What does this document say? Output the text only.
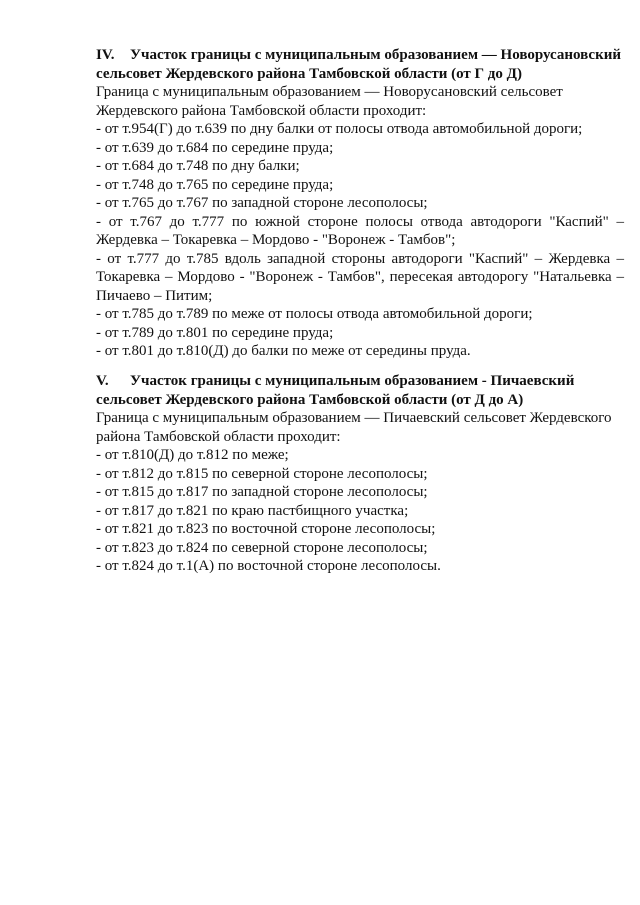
IV. Участок границы с муниципальным образованием — Новорусановский сельсовет Жердевского района Тамбовской области (от Г до Д)

Граница с муниципальным образованием — Новорусановский сельсовет Жердевского района Тамбовской области проходит:

- от т.954(Г) до т.639 по дну балки от полосы отвода автомобильной дороги;

- от т.639 до т.684 по середине пруда;

- от т.684 до т.748 по дну балки;

- от т.748 до т.765 по середине пруда;

- от т.765 до т.767 по западной стороне лесополосы;

- от т.767 до т.777 по южной стороне полосы отвода автодороги "Каспий" – Жердевка – Токаревка – Мордово - "Воронеж - Тамбов";

- от т.777 до т.785 вдоль западной стороны автодороги "Каспий" – Жердевка – Токаревка – Мордово - "Воронеж - Тамбов", пересекая автодорогу "Натальевка – Пичаево – Питим;

- от т.785 до т.789 по меже от полосы отвода автомобильной дороги;

- от т.789 до т.801 по середине пруда;

- от т.801 до т.810(Д) до балки по меже от середины пруда.

V. Участок границы с муниципальным образованием - Пичаевский сельсовет Жердевского района Тамбовской области (от Д до А)

Граница с муниципальным образованием — Пичаевский сельсовет Жердевского района Тамбовской области проходит:

- от т.810(Д) до т.812 по меже;

- от т.812 до т.815 по северной стороне лесополосы;

- от т.815 до т.817 по западной стороне лесополосы;

- от т.817 до т.821 по краю пастбищного участка;

- от т.821 до т.823 по восточной стороне лесополосы;

- от т.823 до т.824 по северной стороне лесополосы;

- от т.824 до т.1(А) по восточной стороне лесополосы.
